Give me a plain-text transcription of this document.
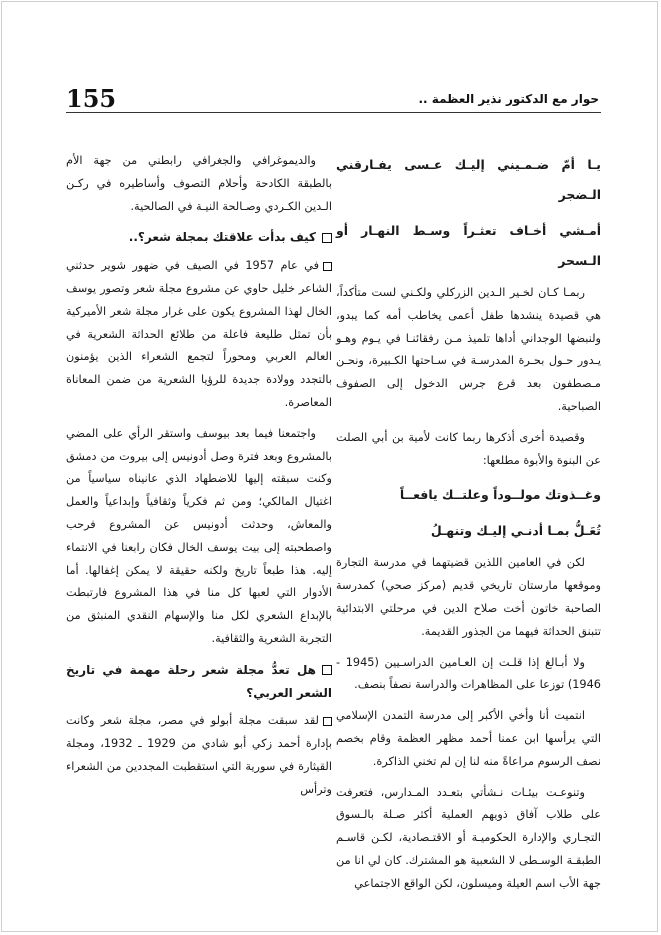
155	حوار مع الدكتور نذير العظمة ..
يـا أمّ ضـمـيني إليـك عـسى يفـارقني الـضجر
أمـشي أخـاف تعثـراً وسـط النهـار أو الـسحر

ربمـا كـان لخـير الـدين الزركلي ولكـني لست متأكداً، هي قصيدة ينشدها طفل أعمى يخاطب أمه كما يبدو، ولنبضها الوجداني أداها تلميذ مـن رفقائنـا في يـوم وهـو يـدور حـول بحـرة المدرسـة في سـاحتها الكـبيرة، ونحـن مـصطفون بعد قرع جرس الدخول إلى الصفوف الصباحية.

وقصيدة أخرى أذكرها ربما كانت لأمية بن أبي الصلت عن البنوة والأبوة مطلعها:

وغــذوتك مولــوداً وعلتــك يافعــاً
تُعَـلُّ بمـا أدنـي إليـك وتنهـلُ

لكن في العامين اللذين قضيتهما في مدرسة التجارة وموقعها مارستان تاريخي قديم (مركز صحي) كمدرسة الصاحبة خاتون أخت صلاح الدين في مرحلتي الابتدائية تتبنق الحداثة فيهما من الجذور القديمة.

ولا أبـالغ إذا قلـت إن العـامين الدراسـيين (1945 - 1946) توزعا على المظاهرات والدراسة نصفاً بنصف.

انتميت أنا وأخي الأكبر إلى مدرسة التمدن الإسلامي التي يرأسها ابن عمنا أحمد مظهر العظمة وقام بخصم نصف الرسوم مراعاةً منه لنا إن لم تخني الذاكرة.

وتنوعـت بيئـات نـشأتي بتعـدد المـدارس، فتعرفت على طلاب آفاق ذويهم العملية أكثر صـلة بالـسوق التجـاري والإدارة الحكوميـة أو الاقتـصادية، لكـن قاسـم الطبقـة الوسـطى لا الشعبية هو المشترك. كان لي انا من جهة الأب اسم العيلة وميسلون، لكن الواقع الاجتماعي

والديموغرافي والجغرافي رابطني من جهة الأم بالطبقة الكادحة وأحلام التصوف وأساطيره في ركـن الـدين الكـردي وصـالحة النيـة في الصالحية.

كيف بدأت علاقتك بمجلة شعر؟..

في عام 1957 في الصيف في ضهور شوير حدثني الشاعر خليل حاوي عن مشروع مجلة شعر وتصور يوسف الخال لهذا المشروع يكون على غرار مجلة شعر الأميركية بأن تمثل طليعة فاعلة من طلائع الحداثة الشعرية في العالم العربي ومحوراً لتجمع الشعراء الذين يؤمنون بالتجدد وولادة جديدة للرؤيا الشعرية من ضمن المعاناة المعاصرة.

واجتمعنا فيما بعد بيوسف واستقر الرأي على المضي بالمشروع وبعد فترة وصل أدونيس إلى بيروت من دمشق وكنت سبقته إليها للاضطهاد الذي عانيناه سياسياً من اغتيال المالكي؛ ومن ثم فكرياً وثقافياً وإبداعياً والعمل والمعاش، وحدثت أدونيس عن المشروع فرحب واصطحبته إلى بيت يوسف الخال فكان رابعنا في الانتماء إليه. هذا طبعاً تاريخ ولكنه حقيقة لا يمكن إغفالها. أما الأدوار التي لعبها كل منا في هذا المشروع فارتبطت بالإبداع الشعري لكل منا والإسهام النقدي المنبثق من التجربة الشعرية والثقافية.

هل تعدُّ مجلة شعر رحلة مهمة في تاريخ الشعر العربي؟

لقد سبقت مجلة أبولو في مصر، مجلة شعر وكانت بإدارة أحمد زكي أبو شادي من 1929 ـ 1932، ومجلة القيثارة في سورية التي استقطبت المجددين من الشعراء وترأس
